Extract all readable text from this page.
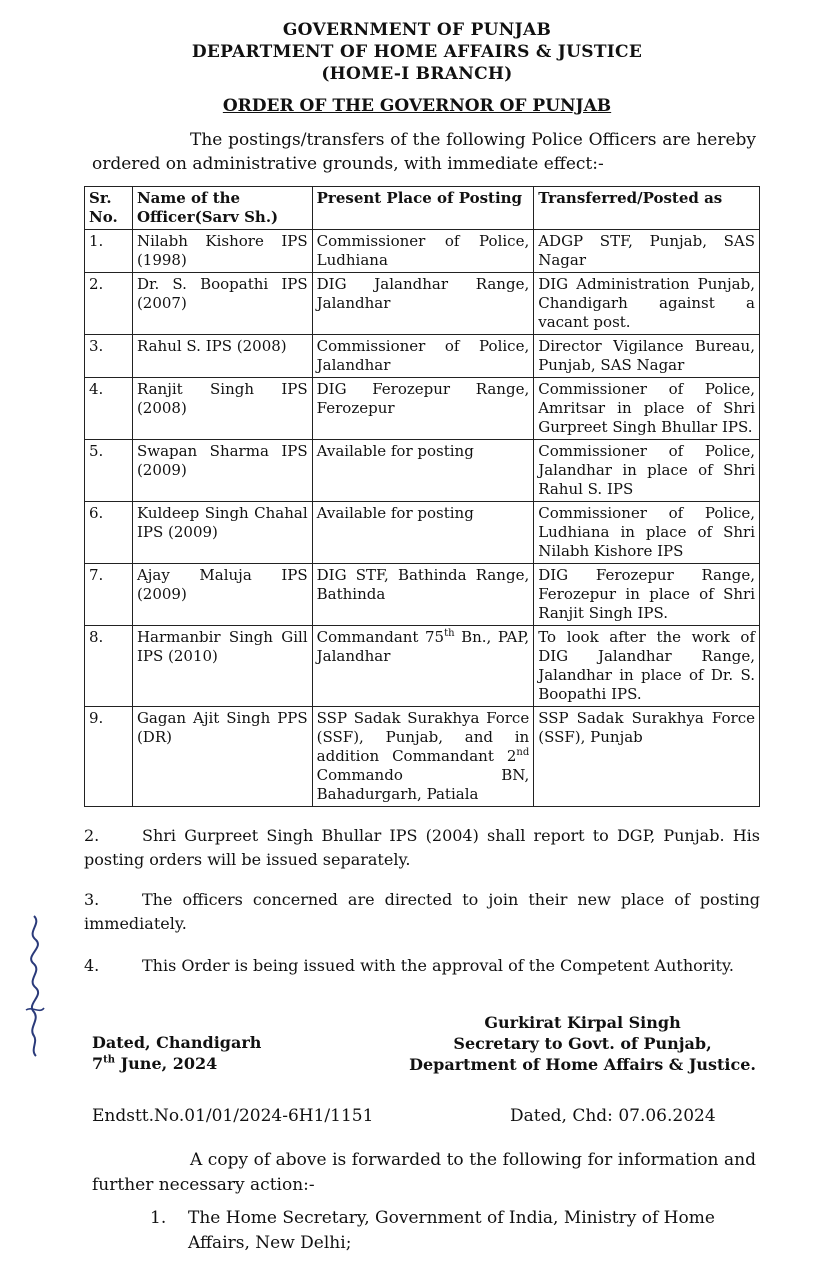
GOVERNMENT OF PUNJAB
DEPARTMENT OF HOME AFFAIRS & JUSTICE
(HOME-I BRANCH)
ORDER OF THE GOVERNOR OF PUNJAB
The postings/transfers of the following Police Officers are hereby ordered on administrative grounds, with immediate effect:-
Sr. No.	Name of the Officer(Sarv Sh.)	Present Place of Posting	Transferred/Posted as
1.	Nilabh Kishore IPS (1998)	Commissioner of Police, Ludhiana	ADGP STF, Punjab, SAS Nagar
2.	Dr. S. Boopathi IPS (2007)	DIG Jalandhar Range, Jalandhar	DIG Administration Punjab, Chandigarh against a vacant post.
3.	Rahul S. IPS (2008)	Commissioner of Police, Jalandhar	Director Vigilance Bureau, Punjab, SAS Nagar
4.	Ranjit Singh IPS (2008)	DIG Ferozepur Range, Ferozepur	Commissioner of Police, Amritsar in place of Shri Gurpreet Singh Bhullar IPS.
5.	Swapan Sharma IPS (2009)	Available for posting	Commissioner of Police, Jalandhar in place of Shri Rahul S. IPS
6.	Kuldeep Singh Chahal IPS (2009)	Available for posting	Commissioner of Police, Ludhiana in place of Shri Nilabh Kishore IPS
7.	Ajay Maluja IPS (2009)	DIG STF, Bathinda Range, Bathinda	DIG Ferozepur Range, Ferozepur in place of Shri Ranjit Singh IPS.
8.	Harmanbir Singh Gill IPS (2010)	Commandant 75th Bn., PAP, Jalandhar	To look after the work of DIG Jalandhar Range, Jalandhar in place of Dr. S. Boopathi IPS.
9.	Gagan Ajit Singh PPS (DR)	SSP Sadak Surakhya Force (SSF), Punjab, and in addition Commandant 2nd Commando BN, Bahadurgarh, Patiala	SSP Sadak Surakhya Force (SSF), Punjab
2.	Shri Gurpreet Singh Bhullar IPS (2004) shall report to DGP, Punjab. His posting orders will be issued separately.
3.	The officers concerned are directed to join their new place of posting immediately.
4.	This Order is being issued with the approval of the Competent Authority.
Dated, Chandigarh
7th June, 2024
Gurkirat Kirpal Singh
Secretary to Govt. of Punjab,
Department of Home Affairs & Justice.
Endstt.No.01/01/2024-6H1/1151	Dated, Chd: 07.06.2024
A copy of above is forwarded to the following for information and further necessary action:-
1. The Home Secretary, Government of India, Ministry of Home Affairs, New Delhi;
